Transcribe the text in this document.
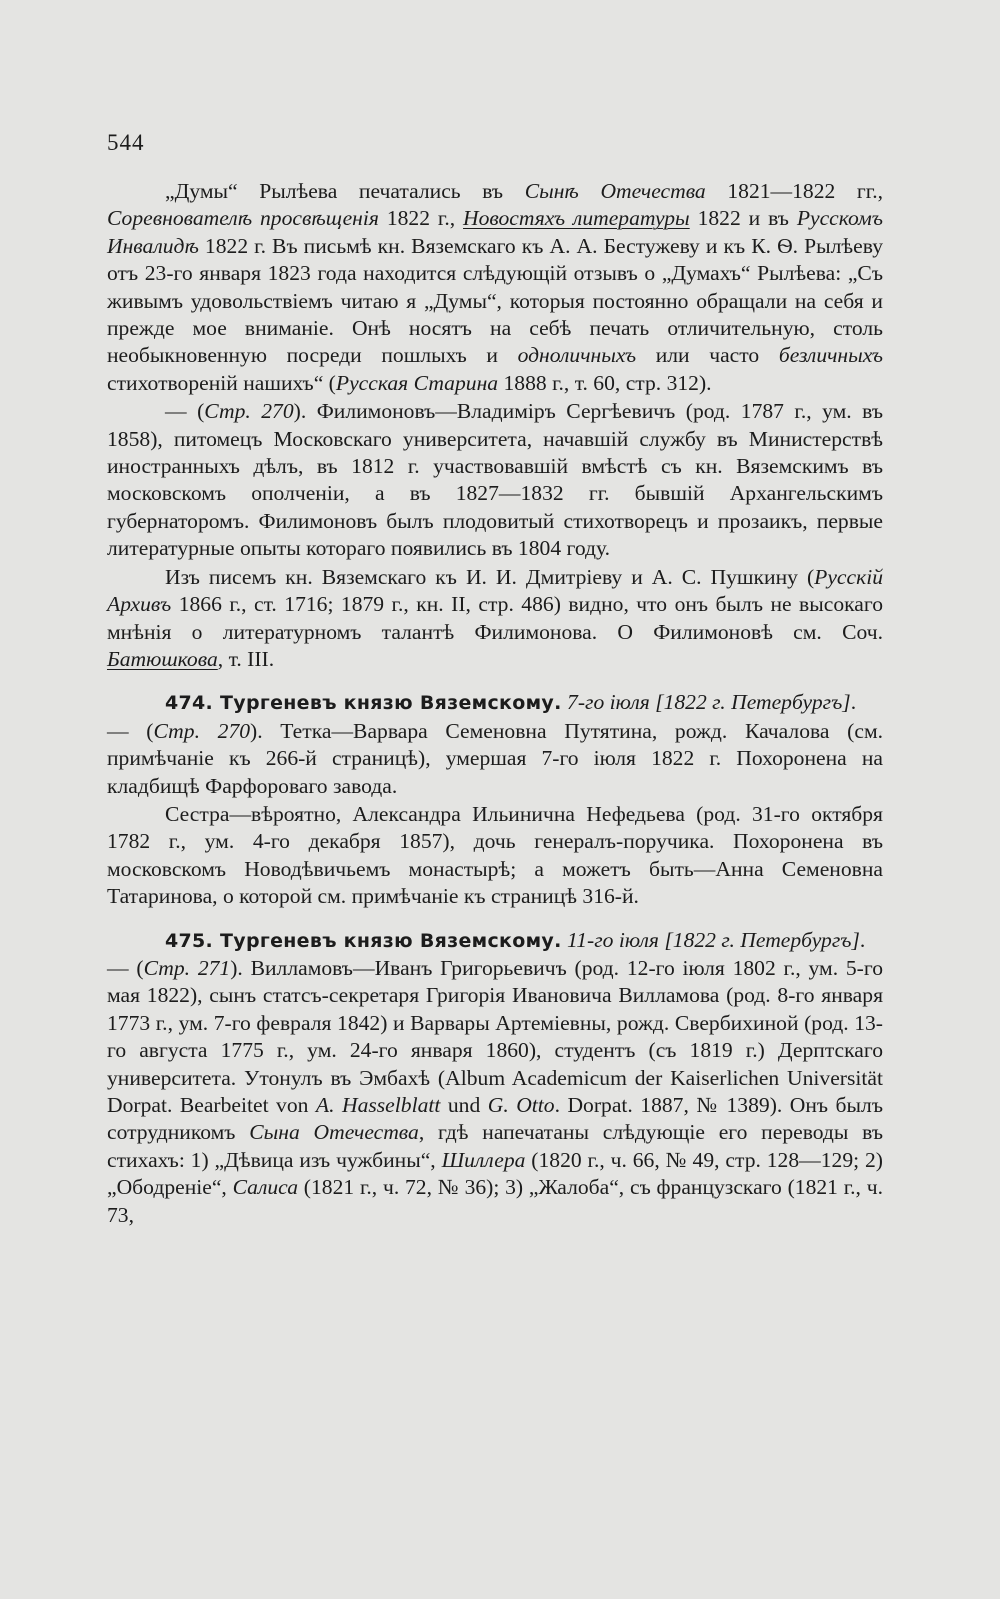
544

„Думы“ Рылѣева печатались въ Сынѣ Отечества 1821—1822 гг., Соревнователѣ просвѣщенія 1822 г., Новостяхъ литературы 1822 и въ Русскомъ Инвалидѣ 1822 г. Въ письмѣ кн. Вяземскаго къ А. А. Бестужеву и къ К. Ѳ. Рылѣеву отъ 23-го января 1823 года находится слѣдующій отзывъ о „Думахъ“ Рылѣева: „Съ живымъ удовольствіемъ читаю я „Думы“, которыя постоянно обращали на себя и прежде мое вниманіе. Онѣ носятъ на себѣ печать отличительную, столь необыкновенную посреди пошлыхъ и одноличныхъ или часто безличныхъ стихотвореній нашихъ“ (Русская Старина 1888 г., т. 60, стр. 312).

— (Стр. 270). Филимоновъ—Владиміръ Сергѣевичъ (род. 1787 г., ум. въ 1858), питомецъ Московскаго университета, начавшій службу въ Министерствѣ иностранныхъ дѣлъ, въ 1812 г. участвовавшій вмѣстѣ съ кн. Вяземскимъ въ московскомъ ополченіи, а въ 1827—1832 гг. бывшій Архангельскимъ губернаторомъ. Филимоновъ былъ плодовитый стихотворецъ и прозаикъ, первые литературные опыты котораго появились въ 1804 году.

Изъ писемъ кн. Вяземскаго къ И. И. Дмитріеву и А. С. Пушкину (Русскій Архивъ 1866 г., ст. 1716; 1879 г., кн. II, стр. 486) видно, что онъ былъ не высокаго мнѣнія о литературномъ талантѣ Филимонова. О Филимоновѣ см. Соч. Батюшкова, т. III.

474. Тургеневъ князю Вяземскому. 7-го іюля [1822 г. Петербургъ].

— (Стр. 270). Тетка—Варвара Семеновна Путятина, рожд. Качалова (см. примѣчаніе къ 266-й страницѣ), умершая 7-го іюля 1822 г. Похоронена на кладбищѣ Фарфороваго завода.

Сестра—вѣроятно, Александра Ильинична Нефедьева (род. 31-го октября 1782 г., ум. 4-го декабря 1857), дочь генералъ-поручика. Похоронена въ московскомъ Новодѣвичьемъ монастырѣ; а можетъ быть—Анна Семеновна Татаринова, о которой см. примѣчаніе къ страницѣ 316-й.

475. Тургеневъ князю Вяземскому. 11-го іюля [1822 г. Петербургъ].

— (Стр. 271). Вилламовъ—Иванъ Григорьевичъ (род. 12-го іюля 1802 г., ум. 5-го мая 1822), сынъ статсъ-секретаря Григорія Ивановича Вилламова (род. 8-го января 1773 г., ум. 7-го февраля 1842) и Варвары Артеміевны, рожд. Свербихиной (род. 13-го августа 1775 г., ум. 24-го января 1860), студентъ (съ 1819 г.) Дерптскаго университета. Утонулъ въ Эмбахѣ (Album Academicum der Kaiserlichen Universität Dorpat. Bearbeitet von A. Hasselblatt und G. Otto. Dorpat. 1887, № 1389). Онъ былъ сотрудникомъ Сына Отечества, гдѣ напечатаны слѣдующіе его переводы въ стихахъ: 1) „Дѣвица изъ чужбины“, Шиллера (1820 г., ч. 66, № 49, стр. 128—129; 2) „Ободреніе“, Салиса (1821 г., ч. 72, № 36); 3) „Жалоба“, съ французскаго (1821 г., ч. 73,
